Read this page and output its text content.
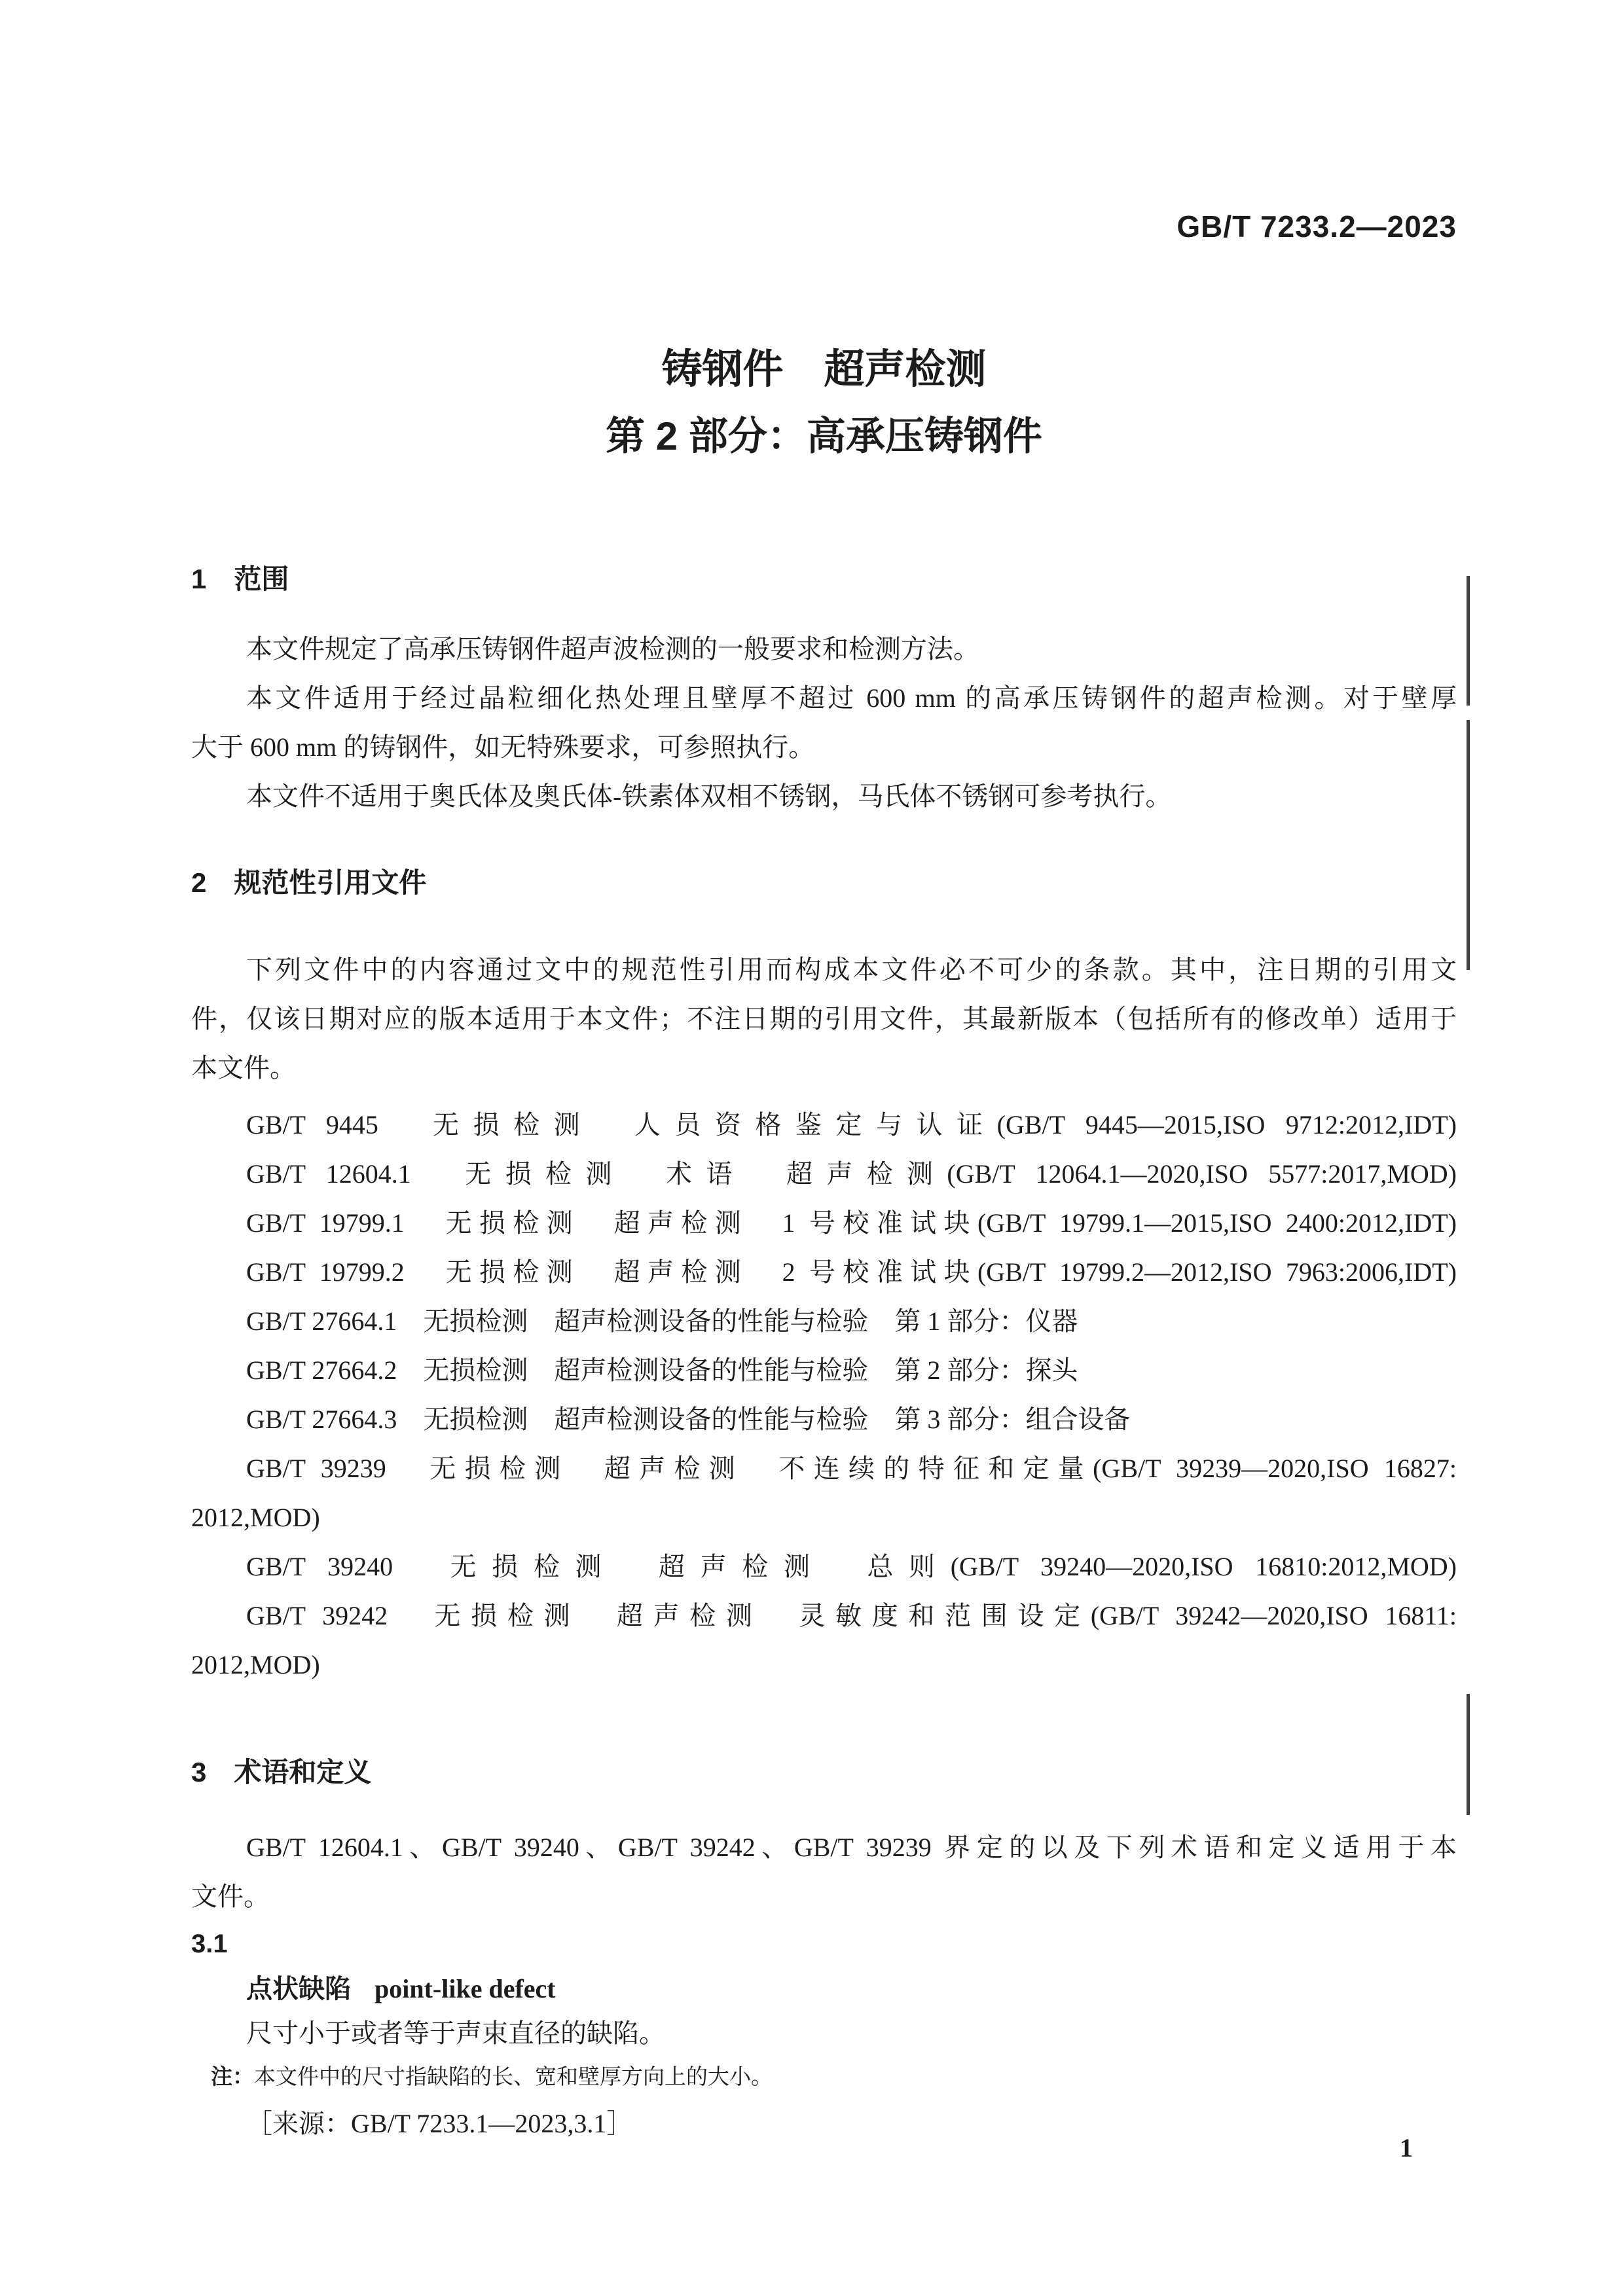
GB/T 7233.2—2023
铸钢件　超声检测
第 2 部分：高承压铸钢件
1　范围
本文件规定了高承压铸钢件超声波检测的一般要求和检测方法。
本文件适用于经过晶粒细化热处理且壁厚不超过 600 mm 的高承压铸钢件的超声检测。对于壁厚
大于 600 mm 的铸钢件，如无特殊要求，可参照执行。
本文件不适用于奥氏体及奥氏体-铁素体双相不锈钢，马氏体不锈钢可参考执行。
2　规范性引用文件
下列文件中的内容通过文中的规范性引用而构成本文件必不可少的条款。其中，注日期的引用文
件，仅该日期对应的版本适用于本文件；不注日期的引用文件，其最新版本（包括所有的修改单）适用于
本文件。
GB/T 9445　无损检测　人员资格鉴定与认证(GB/T 9445—2015,ISO 9712:2012,IDT)
GB/T 12604.1　无损检测　术语　超声检测(GB/T 12064.1—2020,ISO 5577:2017,MOD)
GB/T 19799.1　无损检测　超声检测　1 号校准试块(GB/T 19799.1—2015,ISO 2400:2012,IDT)
GB/T 19799.2　无损检测　超声检测　2 号校准试块(GB/T 19799.2—2012,ISO 7963:2006,IDT)
GB/T 27664.1　无损检测　超声检测设备的性能与检验　第 1 部分：仪器
GB/T 27664.2　无损检测　超声检测设备的性能与检验　第 2 部分：探头
GB/T 27664.3　无损检测　超声检测设备的性能与检验　第 3 部分：组合设备
GB/T 39239　无损检测　超声检测　不连续的特征和定量(GB/T 39239—2020,ISO 16827:
2012,MOD)
GB/T 39240　无损检测　超声检测　总则(GB/T 39240—2020,ISO 16810:2012,MOD)
GB/T 39242　无损检测　超声检测　灵敏度和范围设定(GB/T 39242—2020,ISO 16811:
2012,MOD)
3　术语和定义
GB/T 12604.1、GB/T 39240、GB/T 39242、GB/T 39239 界定的以及下列术语和定义适用于本
文件。
3.1
点状缺陷 point-like defect
尺寸小于或者等于声束直径的缺陷。
注：本文件中的尺寸指缺陷的长、宽和壁厚方向上的大小。
［来源：GB/T 7233.1—2023,3.1］
1
